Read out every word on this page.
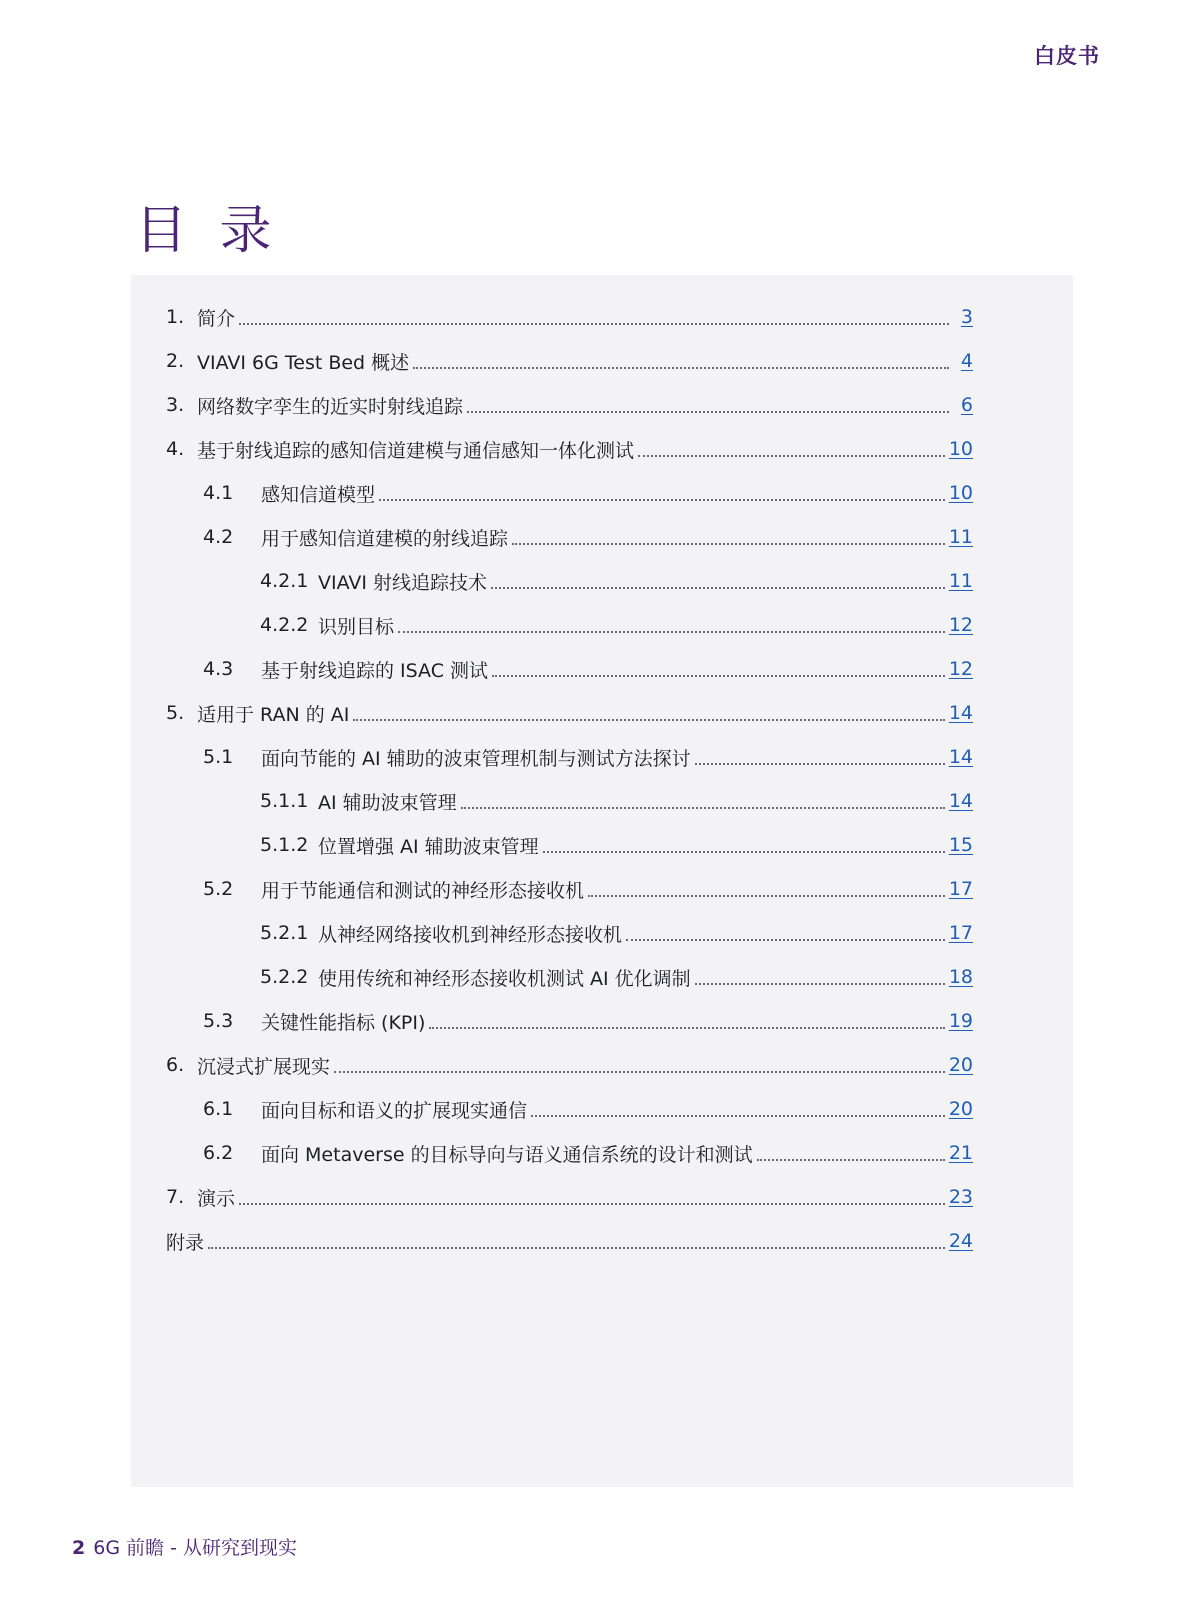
白皮书
目 录
1. 简介	3
2. VIAVI 6G Test Bed 概述	4
3. 网络数字孪生的近实时射线追踪	6
4. 基于射线追踪的感知信道建模与通信感知一体化测试	10
4.1	感知信道模型	10
4.2	用于感知信道建模的射线追踪	11
4.2.1 VIAVI 射线追踪技术	11
4.2.2 识别目标	12
4.3	基于射线追踪的 ISAC 测试	12
5. 适用于 RAN 的 AI	14
5.1	面向节能的 AI 辅助的波束管理机制与测试方法探讨	14
5.1.1 AI 辅助波束管理	14
5.1.2 位置增强 AI 辅助波束管理	15
5.2	用于节能通信和测试的神经形态接收机	17
5.2.1 从神经网络接收机到神经形态接收机	17
5.2.2 使用传统和神经形态接收机测试 AI 优化调制	18
5.3	关键性能指标 (KPI)	19
6. 沉浸式扩展现实	20
6.1	面向目标和语义的扩展现实通信	20
6.2	面向 Metaverse 的目标导向与语义通信系统的设计和测试	21
7. 演示	23
附录	24
2 6G 前瞻 - 从研究到现实
